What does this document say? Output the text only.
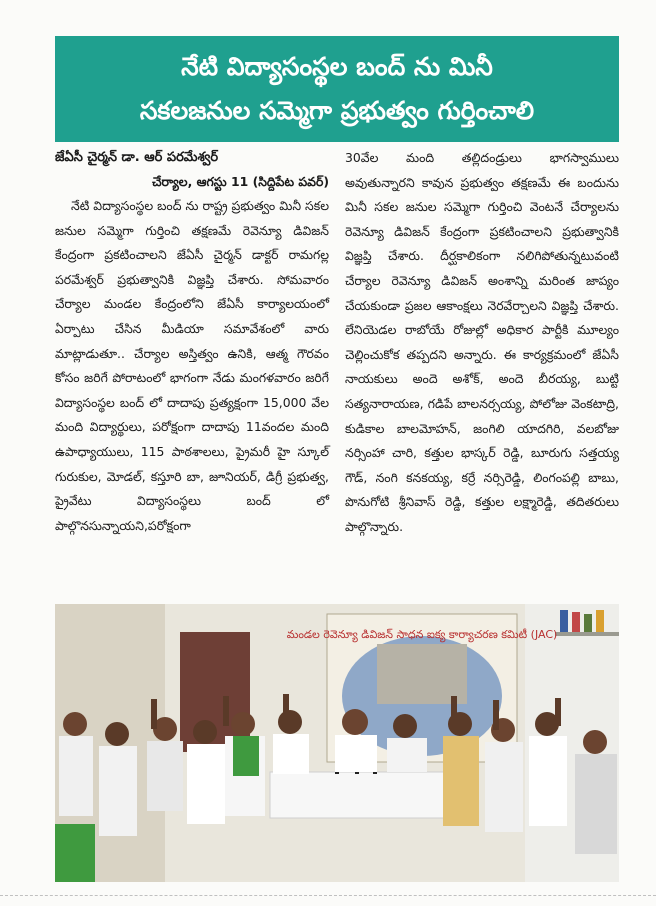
నేటి విద్యాసంస్థల బంద్ ను మినీ
సకలజనుల సమ్మెగా ప్రభుత్వం గుర్తించాలి
జేఏసీ చైర్మన్ డా. ఆర్ పరమేశ్వర్
చేర్యాల, ఆగస్టు 11 (సిద్దిపేట పవర్)

నేటి విద్యాసంస్థల బంద్ ను రాష్ట్ర ప్రభుత్వం మినీ సకల జనుల సమ్మెగా గుర్తించి తక్షణమే రెవెన్యూ డివిజన్ కేంద్రంగా ప్రకటించాలని జేఏసీ చైర్మన్ డాక్టర్ రామగల్ల పరమేశ్వర్ ప్రభుత్వానికి విజ్ఞప్తి చేశారు. సోమవారం చేర్యాల మండల కేంద్రంలోని జేఏసీ కార్యాలయంలో ఏర్పాటు చేసిన మీడియా సమావేశంలో వారు మాట్లాడుతూ.. చేర్యాల అస్తిత్వం ఉనికి, ఆత్మ గౌరవం కోసం జరిగే పోరాటంలో భాగంగా నేడు మంగళవారం జరిగే విద్యాసంస్థల బంద్ లో దాదాపు ప్రత్యక్షంగా 15,000 వేల మంది విద్యార్థులు, పరోక్షంగా దాదాపు 11వందల మంది ఉపాధ్యాయులు, 115 పాఠశాలలు, ప్రైమరీ హై స్కూల్ గురుకుల, మోడల్, కస్తూరి బా, జూనియర్, డిగ్రీ ప్రభుత్వ, ప్రైవేటు విద్యాసంస్థలు బంద్ లో పాల్గొనసున్నాయని,పరోక్షంగా

30వేల మంది తల్లిదండ్రులు భాగస్వాములు అవుతున్నారని కావున ప్రభుత్వం తక్షణమే ఈ బందును మినీ సకల జనుల సమ్మెగా గుర్తించి వెంటనే చేర్యాలను రెవెన్యూ డివిజన్ కేంద్రంగా ప్రకటించాలని ప్రభుత్వానికి విజ్ఞప్తి చేశారు. దీర్ఘకాలికంగా నలిగిపోతున్నటువంటి చేర్యాల రెవెన్యూ డివిజన్ అంశాన్ని మరింత జాప్యం చేయకుండా ప్రజల ఆకాంక్షలు నెరవేర్చాలని విజ్ఞప్తి చేశారు. లేనియెడల రాబోయే రోజుల్లో అధికార పార్టీకి మూల్యం చెల్లించుకోక తప్పదని అన్నారు. ఈ కార్యక్రమంలో జేఏసీ నాయకులు అందె అశోక్, అందె బీరయ్య, బుట్టి సత్యనారాయణ, గడిపే బాలనర్సయ్య, పోలోజు వెంకటాద్రి, కుడికాల బాలమోహన్, జంగిలి యాదగిరి, వలబోజు నర్సింహా చారి, కత్తుల భాస్కర్ రెడ్డి, బూరుగు సత్తయ్య గౌడ్, నంగి కనకయ్య, కర్రే నర్సిరెడ్డి, లింగంపల్లి బాబు, పొనుగోటి శ్రీనివాస్ రెడ్డి, కత్తుల లక్ష్మారెడ్డి, తదితరులు పాల్గొన్నారు.

మండల రెవెన్యూ డివిజన్ సాధన ఐక్య కార్యాచరణ కమిటీ (JAC)
